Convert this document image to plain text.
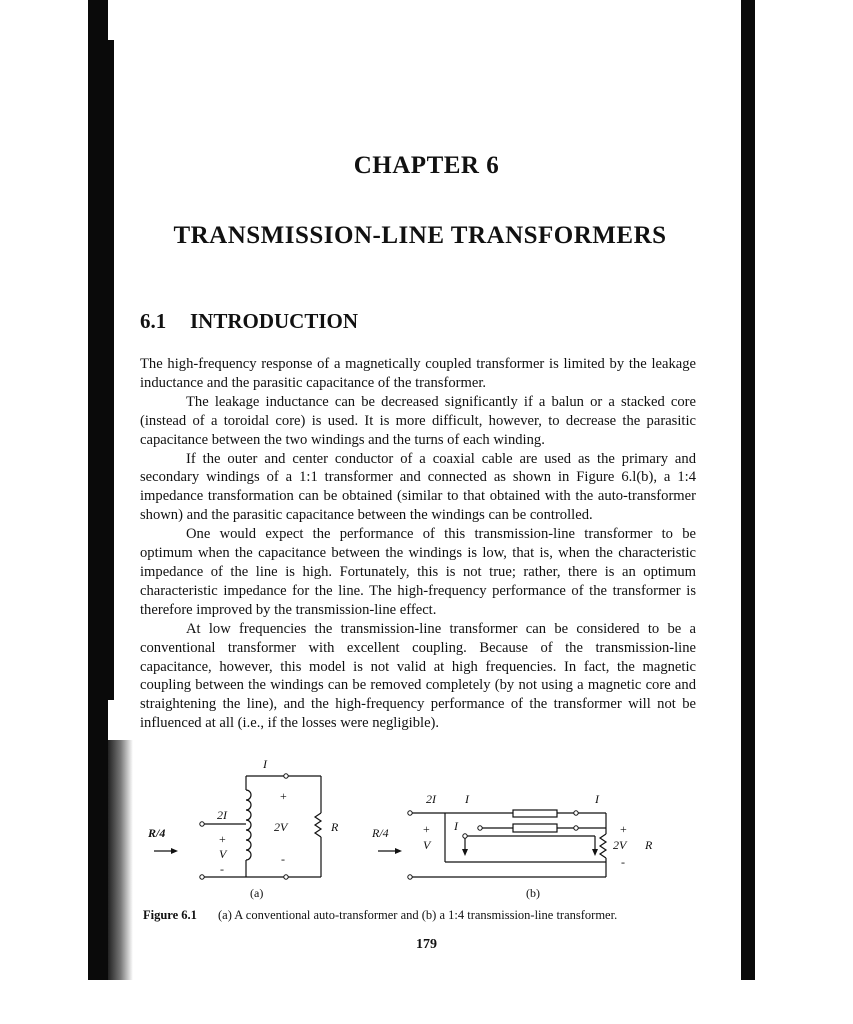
CHAPTER 6
TRANSMISSION-LINE TRANSFORMERS
6.1 INTRODUCTION

The high-frequency response of a magnetically coupled transformer is limited by the leakage inductance and the parasitic capacitance of the transformer.

The leakage inductance can be decreased significantly if a balun or a stacked core (instead of a toroidal core) is used. It is more difficult, however, to decrease the parasitic capacitance between the two windings and the turns of each winding.

If the outer and center conductor of a coaxial cable are used as the primary and secondary windings of a 1:1 transformer and connected as shown in Figure 6.l(b), a 1:4 impedance transformation can be obtained (similar to that obtained with the auto-transformer shown) and the parasitic capacitance between the windings can be controlled.

One would expect the performance of this transmission-line transformer to be optimum when the capacitance between the windings is low, that is, when the characteristic impedance of the line is high. Fortunately, this is not true; rather, there is an optimum characteristic impedance for the line. The high-frequency performance of the transformer is therefore improved by the transmission-line effect.

At low frequencies the transmission-line transformer can be considered to be a conventional transformer with excellent coupling. Because of the transmission-line capacitance, however, this model is not valid at high frequencies. In fact, the magnetic coupling between the windings can be removed completely (by not using a magnetic core and straightening the line), and the high-frequency performance of the transformer will not be influenced at all (i.e., if the losses were negligible).

I
+
2I
2V	R
+
V	-
-
R/4
(a)
2I I	I
I
R/4	+
V
+
2V R
-
(b)
Figure 6.1 (a) A conventional auto-transformer and (b) a 1:4 transmission-line transformer.
179
